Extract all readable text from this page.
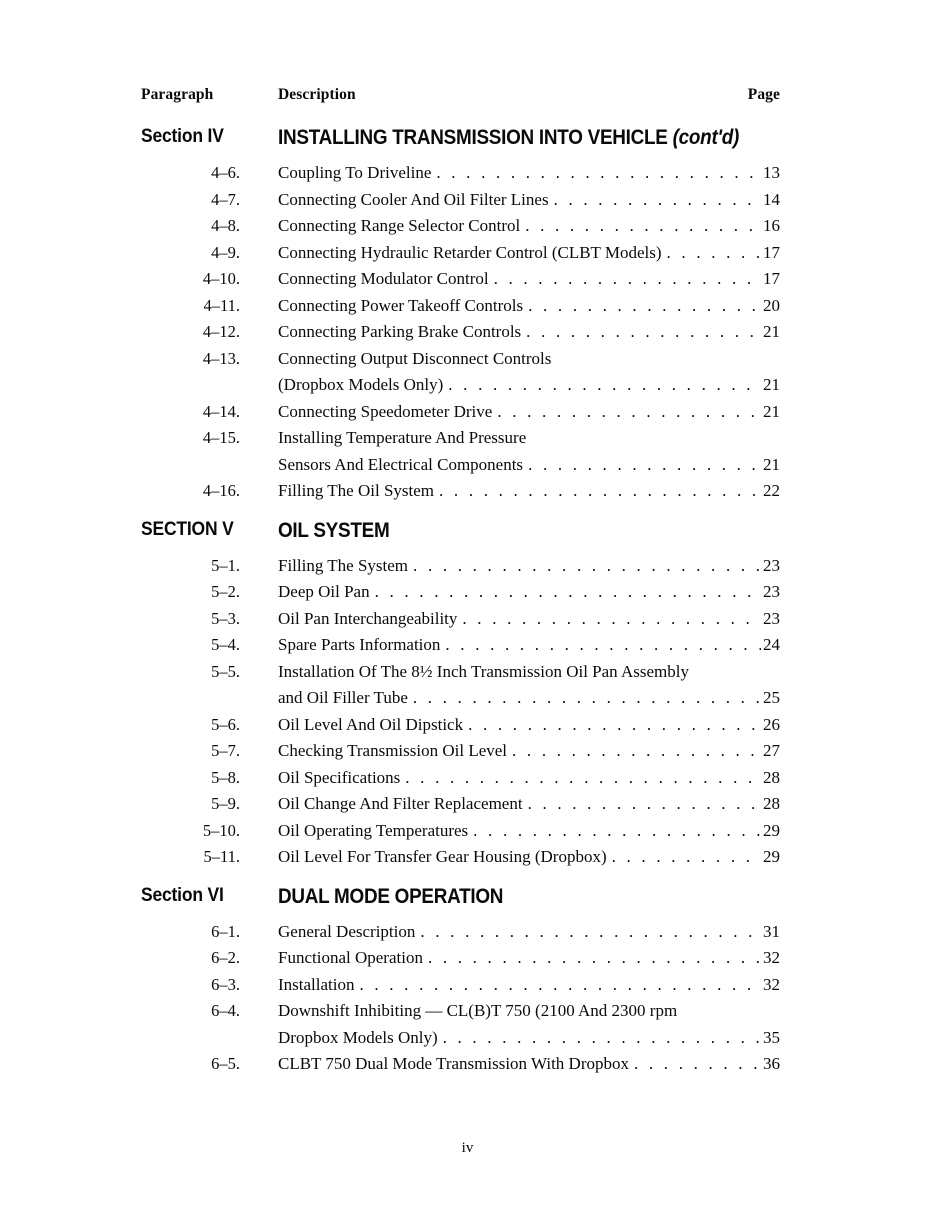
Paragraph	Description	Page
Section IV	INSTALLING TRANSMISSION INTO VEHICLE (cont'd)
4–6. Coupling To Driveline . . .	13
4–7. Connecting Cooler And Oil Filter Lines . . .	14
4–8. Connecting Range Selector Control . . .	16
4–9. Connecting Hydraulic Retarder Control (CLBT Models) . . .	17
4–10. Connecting Modulator Control . . .	17
4–11. Connecting Power Takeoff Controls . . .	20
4–12. Connecting Parking Brake Controls . . .	21
4–13. Connecting Output Disconnect Controls
(Dropbox Models Only) . . .	21
4–14. Connecting Speedometer Drive . . .	21
4–15. Installing Temperature And Pressure
Sensors And Electrical Components . . .	21
4–16. Filling The Oil System . . .	22
SECTION V	OIL SYSTEM
5–1. Filling The System . . .	23
5–2. Deep Oil Pan . . .	23
5–3. Oil Pan Interchangeability . . .	23
5–4. Spare Parts Information . . .	24
5–5. Installation Of The 8½ Inch Transmission Oil Pan Assembly
and Oil Filler Tube . . .	25
5–6. Oil Level And Oil Dipstick . . .	26
5–7. Checking Transmission Oil Level . . .	27
5–8. Oil Specifications . . .	28
5–9. Oil Change And Filter Replacement . . .	28
5–10. Oil Operating Temperatures . . .	29
5–11. Oil Level For Transfer Gear Housing (Dropbox) . . .	29
Section VI	DUAL MODE OPERATION
6–1. General Description . . .	31
6–2. Functional Operation . . .	32
6–3. Installation . . .	32
6–4. Downshift Inhibiting — CL(B)T 750 (2100 And 2300 rpm
Dropbox Models Only) . . .	35
6–5. CLBT 750 Dual Mode Transmission With Dropbox . . .	36
iv
